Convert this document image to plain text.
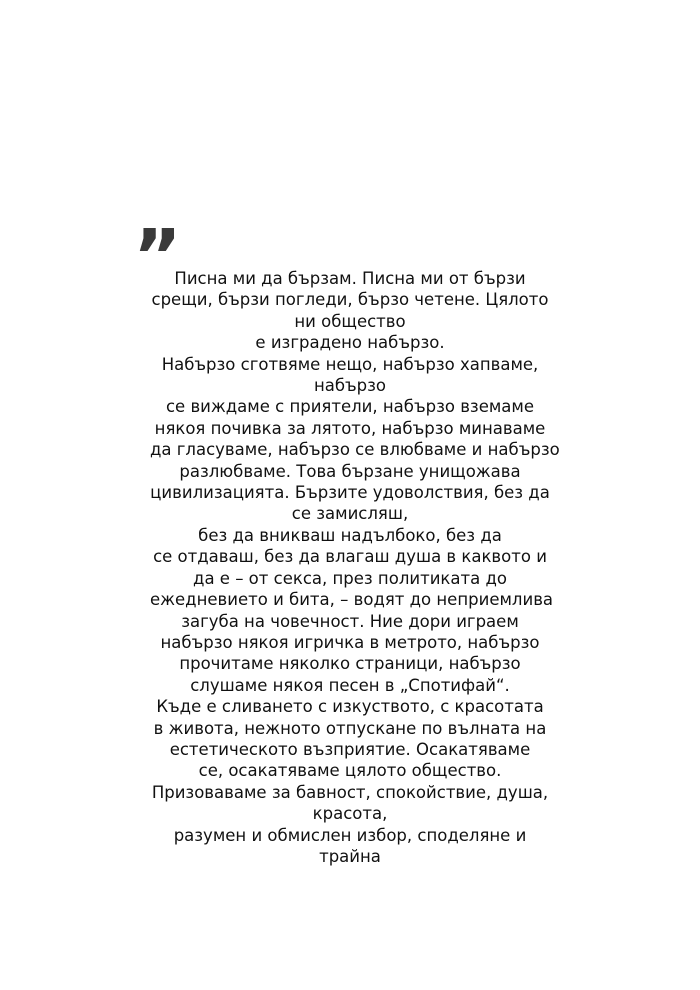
”
Писна ми да бързам. Писна ми от бързи
срещи, бързи погледи, бързо четене. Цялото
ни общество
е изградено набързо.
Набързо сготвяме нещо, набързо хапваме,
набързо
се виждаме с приятели, набързо вземаме
някоя почивка за лятото, набързо минаваме
да гласуваме, набързо се влюбваме и набързо
разлюбваме. Това бързане унищожава
цивилизацията. Бързите удоволствия, без да
се замисляш,
без да вникваш надълбоко, без да
се отдаваш, без да влагаш душа в каквото и
да е – от секса, през политиката до
ежедневието и бита, – водят до неприемлива
загуба на човечност. Ние дори играем
набързо някоя игричка в метрото, набързо
прочитаме няколко страници, набързо
слушаме някоя песен в „Спотифай“.
Къде е сливането с изкуството, с красотата
в живота, нежното отпускане по вълната на
естетическото възприятие. Осакатяваме
се, осакатяваме цялото общество.
Призоваваме за бавност, спокойствие, душа,
красота,
разумен и обмислен избор, споделяне и
трайна
